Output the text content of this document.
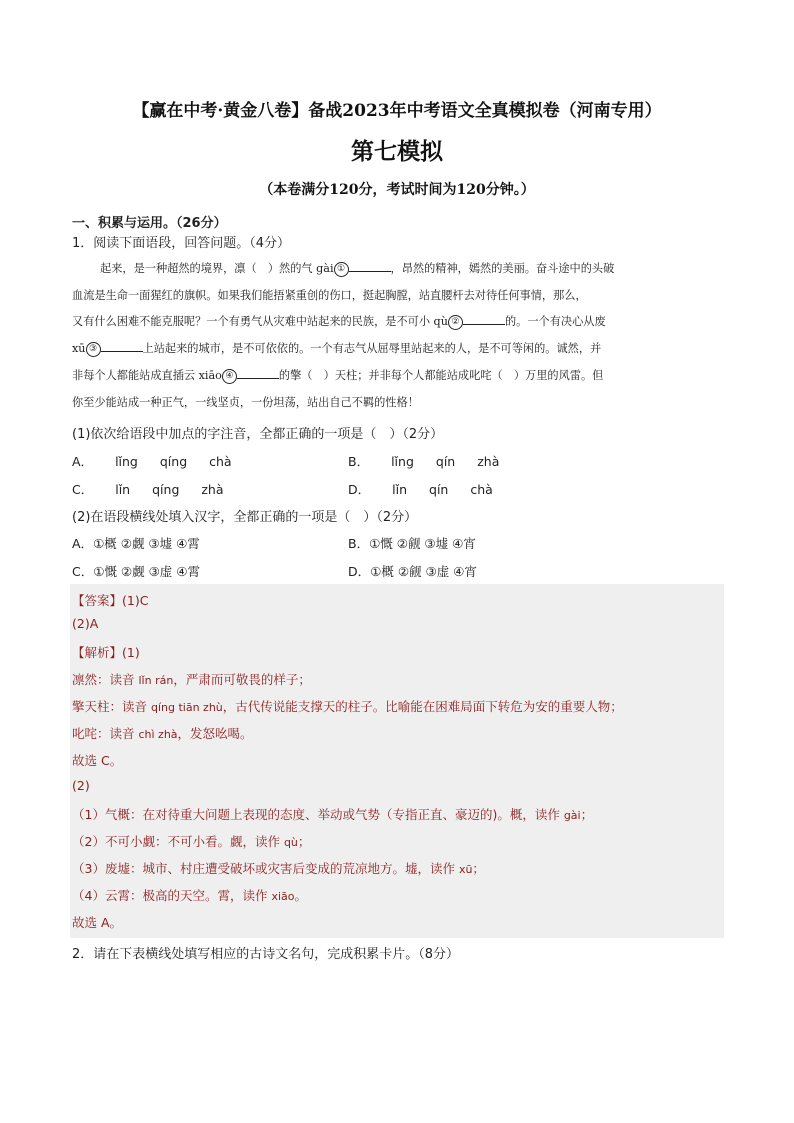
【赢在中考·黄金八卷】备战2023年中考语文全真模拟卷（河南专用）
第七模拟
（本卷满分120分，考试时间为120分钟。）
一、积累与运用。（26分）
1．阅读下面语段，回答问题。（4分）
起来，是一种超然的境界，凛（　）然的气 gài ①	，昂然的精神，嫣然的美丽。奋斗途中的头破
血流是生命一面猩红的旗帜。如果我们能捂紧重创的伤口，挺起胸膛，站直腰杆去对待任何事情，那么，
又有什么困难不能克服呢？一个有勇气从灾难中站起来的民族，是不可小 qù ②	的。一个有决心从废
xū ③	上站起来的城市，是不可依依的。一个有志气从屈辱里站起来的人，是不可等闲的。诚然，并
非每个人都能站成直插云 xiāo ④	的擎（　）天柱；并非每个人都能站成叱咤（　）万里的风雷。但
你至少能站成一种正气，一线坚贞，一份坦荡，站出自己不羁的性格！
(1)依次给语段中加点的字注音，全都正确的一项是（　）（2分）
A． lǐng qíng chà	B． lǐng qín zhà
C． lǐn qíng zhà	D． lǐn qín chà
(2)在语段横线处填入汉字，全都正确的一项是（　）（2分）
A．①概 ②觑 ③墟 ④霄	B．①慨 ②觎 ③墟 ④宵
C．①慨 ②觑 ③虚 ④霄	D．①概 ②觎 ③虚 ④宵
【答案】(1)C
(2)A
【解析】(1)
凛然：读音 lǐn rán，严肃而可敬畏的样子；
擎天柱：读音 qíng tiān zhù，古代传说能支撑天的柱子。比喻能在困难局面下转危为安的重要人物；
叱咤：读音 chì zhà，发怒吆喝。
故选 C。
(2)
（1）气概：在对待重大问题上表现的态度、举动或气势（专指正直、豪迈的)。概，读作 gài；
（2）不可小觑：不可小看。觑，读作 qù；
（3）废墟：城市、村庄遭受破坏或灾害后变成的荒凉地方。墟，读作 xū；
（4）云霄：极高的天空。霄，读作 xiāo。
故选 A。
2．请在下表横线处填写相应的古诗文名句，完成积累卡片。（8分）
